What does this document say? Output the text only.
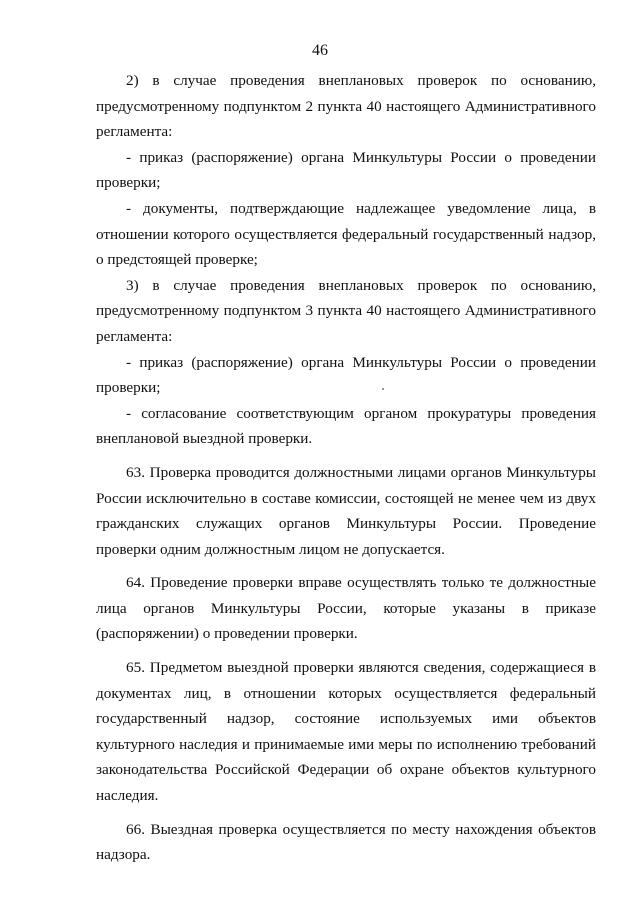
46

2) в случае проведения внеплановых проверок по основанию, предусмотренному подпунктом 2 пункта 40 настоящего Административного регламента:

- приказ (распоряжение) органа Минкультуры России о проведении проверки;

- документы, подтверждающие надлежащее уведомление лица, в отношении которого осуществляется федеральный государственный надзор, о предстоящей проверке;

3) в случае проведения внеплановых проверок по основанию, предусмотренному подпунктом 3 пункта 40 настоящего Административного регламента:

- приказ (распоряжение) органа Минкультуры России о проведении проверки;

- согласование соответствующим органом прокуратуры проведения внеплановой выездной проверки.

63. Проверка проводится должностными лицами органов Минкультуры России исключительно в составе комиссии, состоящей не менее чем из двух гражданских служащих органов Минкультуры России. Проведение проверки одним должностным лицом не допускается.

64. Проведение проверки вправе осуществлять только те должностные лица органов Минкультуры России, которые указаны в приказе (распоряжении) о проведении проверки.

65. Предметом выездной проверки являются сведения, содержащиеся в документах лиц, в отношении которых осуществляется федеральный государственный надзор, состояние используемых ими объектов культурного наследия и принимаемые ими меры по исполнению требований законодательства Российской Федерации об охране объектов культурного наследия.

66. Выездная проверка осуществляется по месту нахождения объектов надзора.
